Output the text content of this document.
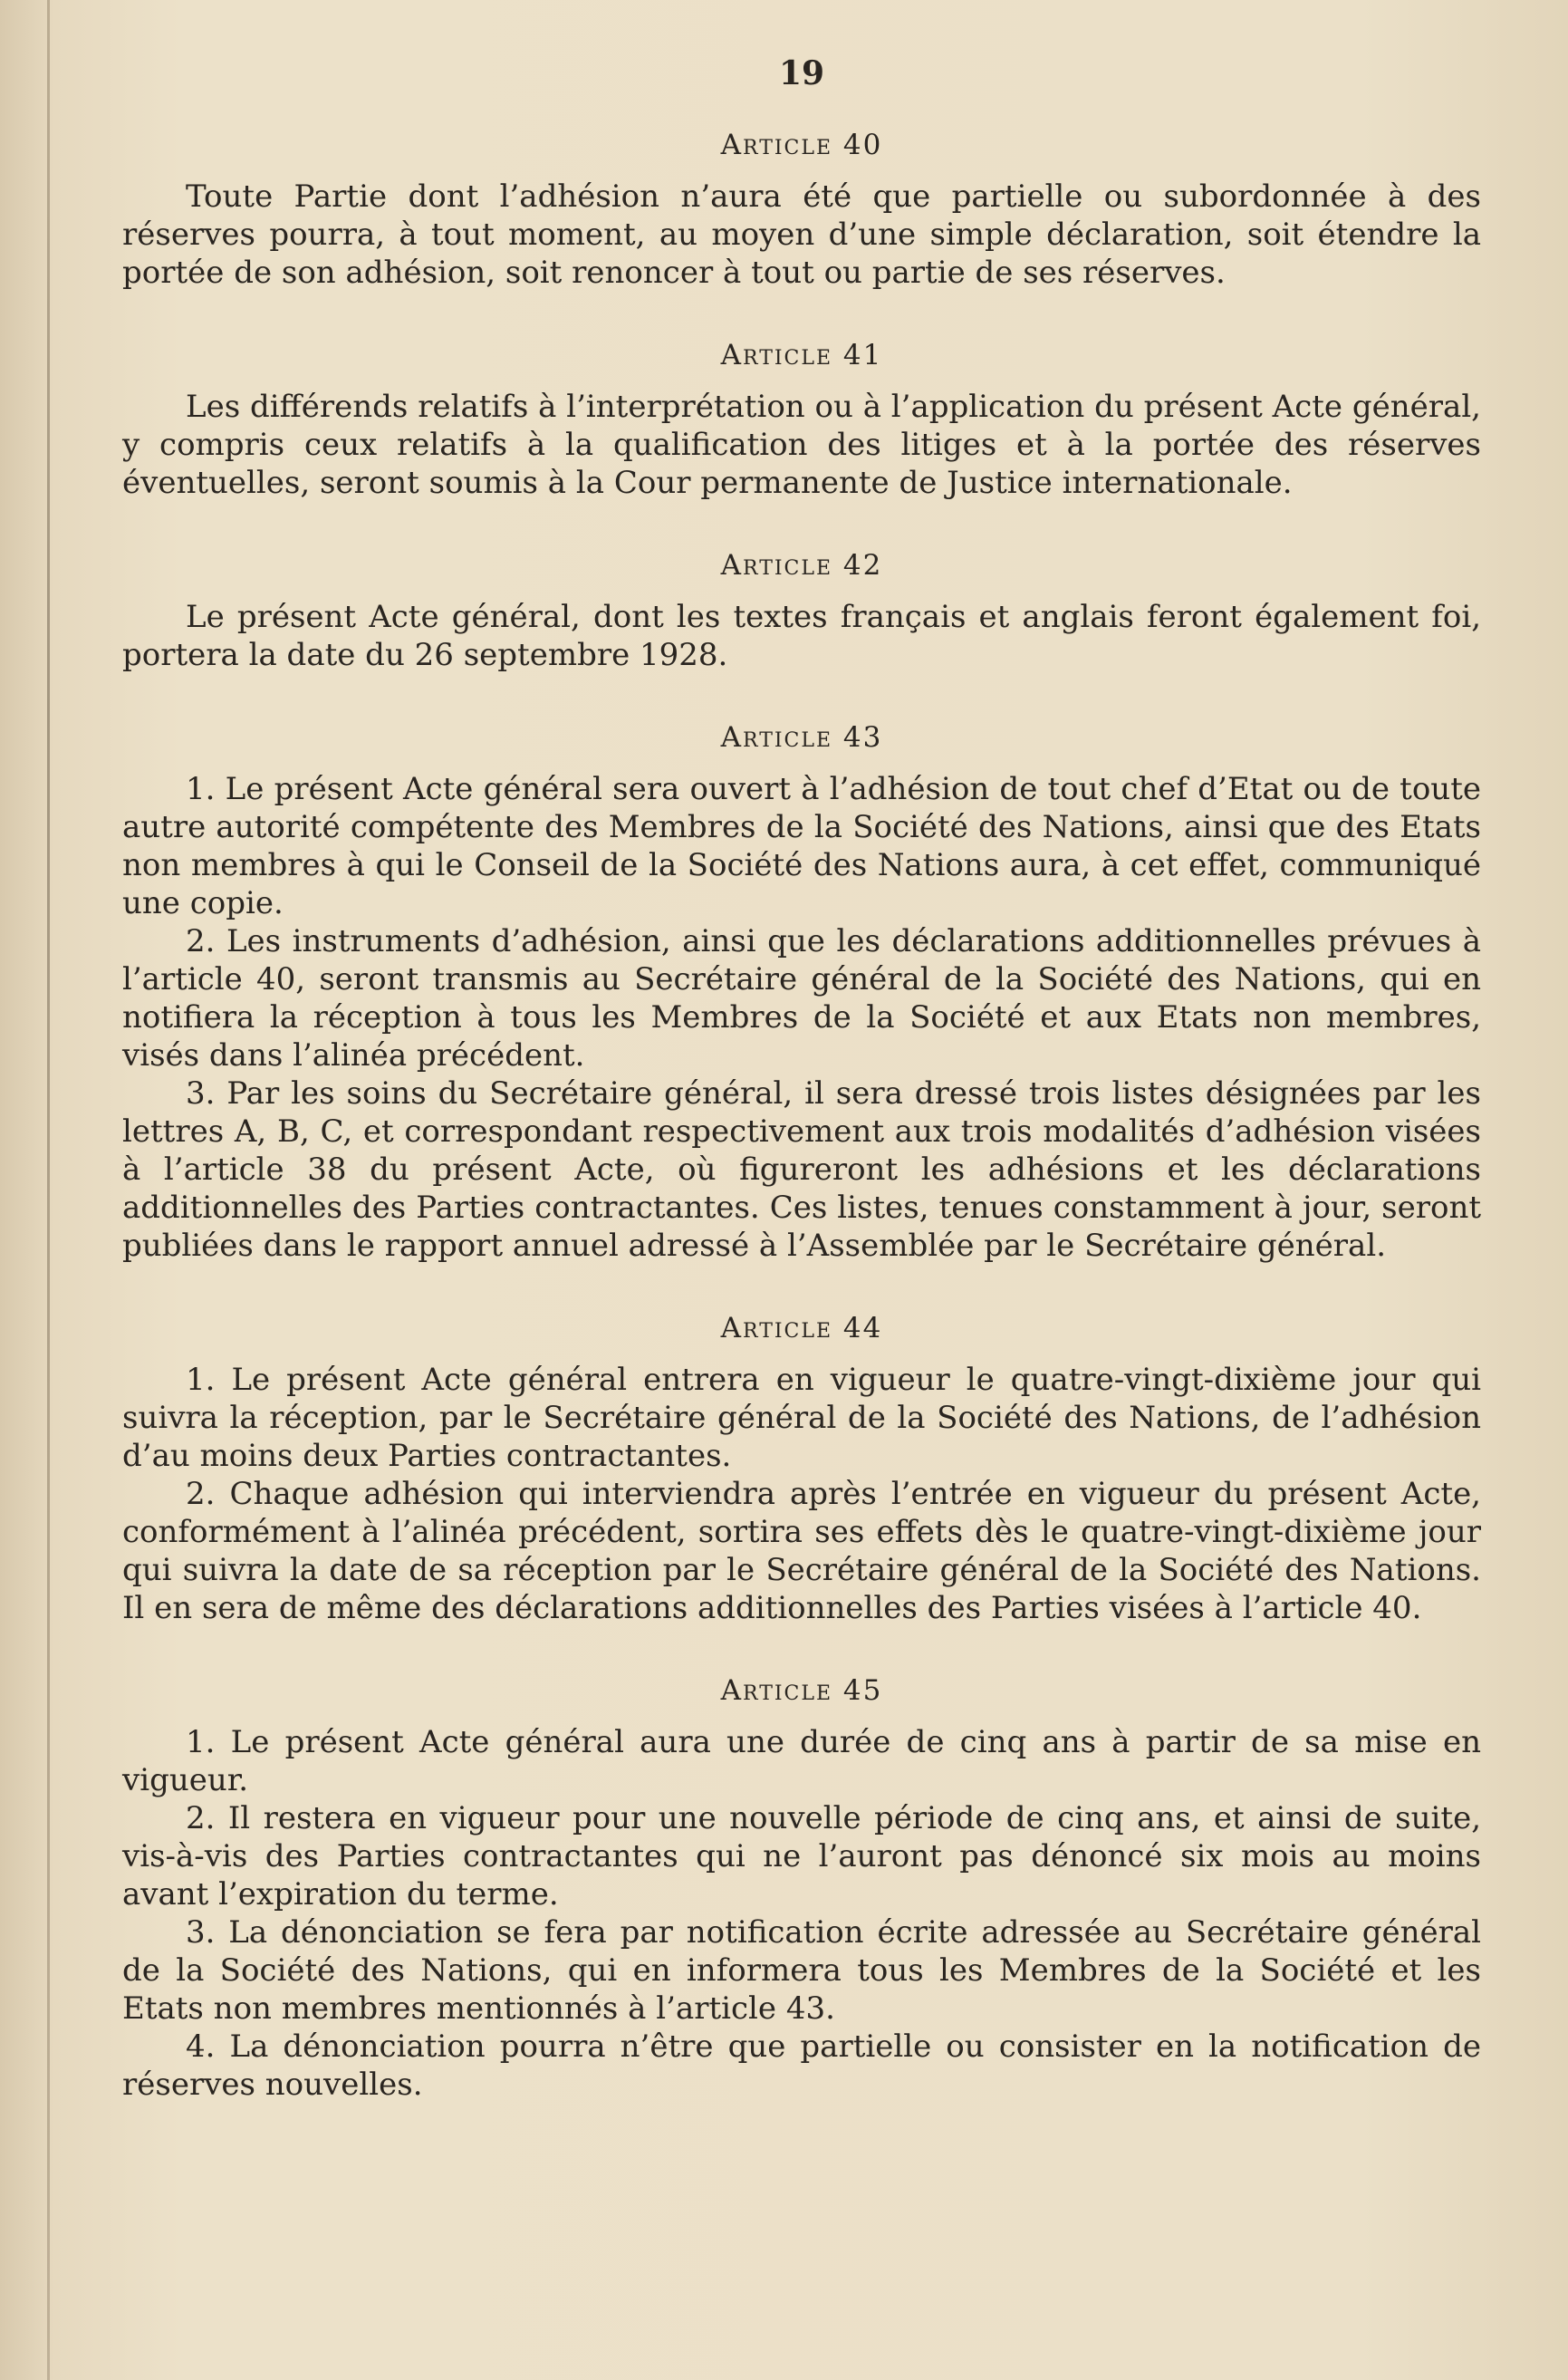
19
Article 40

Toute Partie dont l’adhésion n’aura été que partielle ou subordonnée à des réserves pourra, à tout moment, au moyen d’une simple déclaration, soit étendre la portée de son adhésion, soit renoncer à tout ou partie de ses réserves.

Article 41

Les différends relatifs à l’interprétation ou à l’application du présent Acte général, y compris ceux relatifs à la qualification des litiges et à la portée des réserves éventuelles, seront soumis à la Cour permanente de Justice internationale.

Article 42

Le présent Acte général, dont les textes français et anglais feront également foi, portera la date du 26 septembre 1928.

Article 43

1. Le présent Acte général sera ouvert à l’adhésion de tout chef d’Etat ou de toute autre autorité compétente des Membres de la Société des Nations, ainsi que des Etats non membres à qui le Conseil de la Société des Nations aura, à cet effet, communiqué une copie.

2. Les instruments d’adhésion, ainsi que les déclarations additionnelles prévues à l’article 40, seront transmis au Secrétaire général de la Société des Nations, qui en notifiera la réception à tous les Membres de la Société et aux Etats non membres, visés dans l’alinéa précédent.

3. Par les soins du Secrétaire général, il sera dressé trois listes désignées par les lettres A, B, C, et correspondant respectivement aux trois modalités d’adhésion visées à l’article 38 du présent Acte, où figureront les adhésions et les déclarations additionnelles des Parties contractantes. Ces listes, tenues constamment à jour, seront publiées dans le rapport annuel adressé à l’Assemblée par le Secrétaire général.

Article 44

1. Le présent Acte général entrera en vigueur le quatre-vingt-dixième jour qui suivra la réception, par le Secrétaire général de la Société des Nations, de l’adhésion d’au moins deux Parties contractantes.

2. Chaque adhésion qui interviendra après l’entrée en vigueur du présent Acte, conformément à l’alinéa précédent, sortira ses effets dès le quatre-vingt-dixième jour qui suivra la date de sa réception par le Secrétaire général de la Société des Nations. Il en sera de même des déclarations additionnelles des Parties visées à l’article 40.

Article 45

1. Le présent Acte général aura une durée de cinq ans à partir de sa mise en vigueur.

2. Il restera en vigueur pour une nouvelle période de cinq ans, et ainsi de suite, vis-à-vis des Parties contractantes qui ne l’auront pas dénoncé six mois au moins avant l’expiration du terme.

3. La dénonciation se fera par notification écrite adressée au Secrétaire général de la Société des Nations, qui en informera tous les Membres de la Société et les Etats non membres mentionnés à l’article 43.

4. La dénonciation pourra n’être que partielle ou consister en la notification de réserves nouvelles.
